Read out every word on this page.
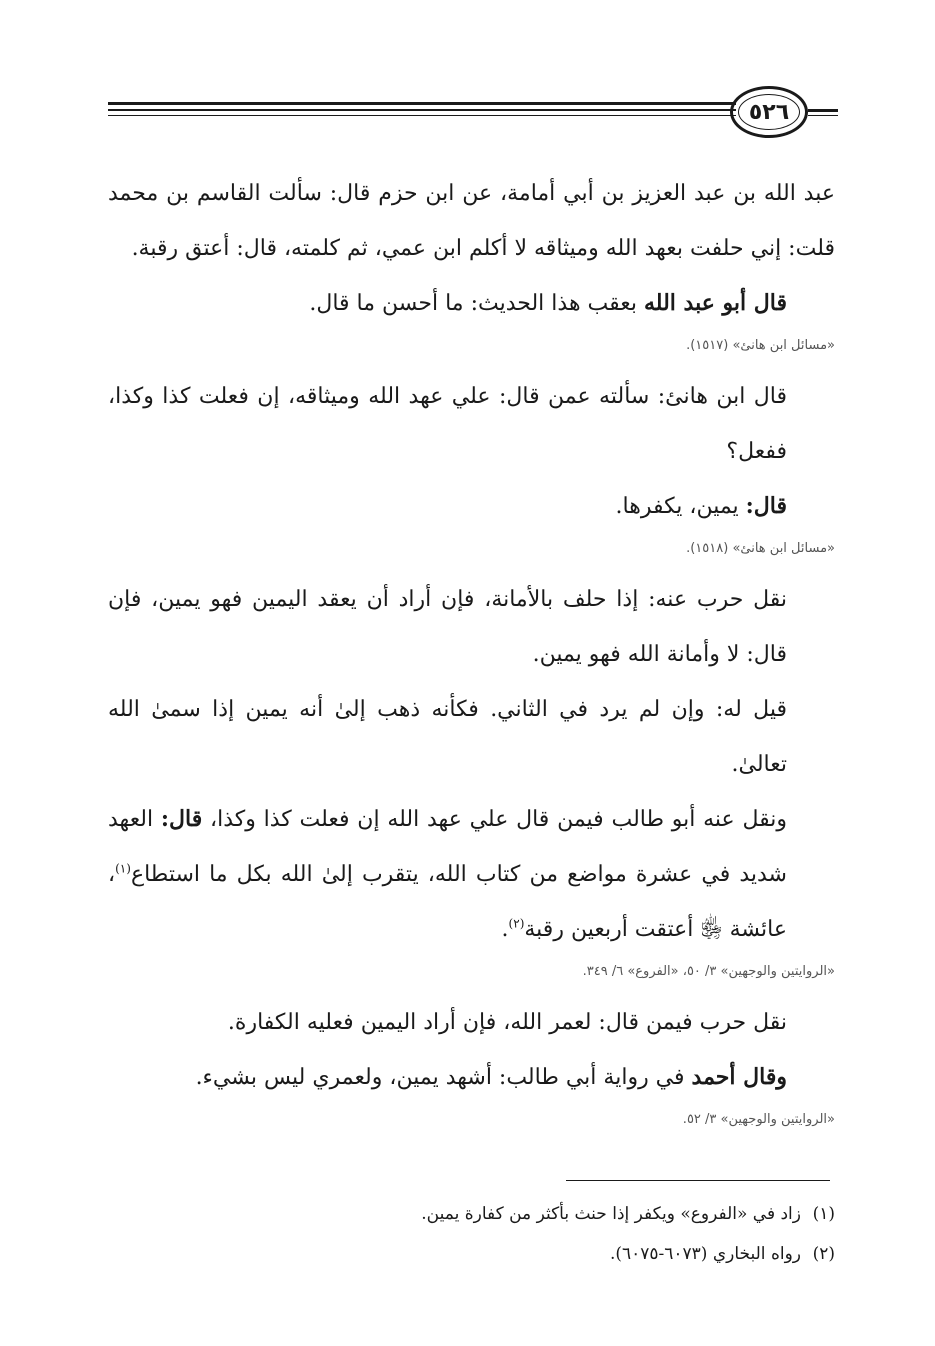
٥٢٦

عبد الله بن عبد العزيز بن أبي أمامة، عن ابن حزم قال: سألت القاسم بن محمد قلت: إني حلفت بعهد الله وميثاقه لا أكلم ابن عمي، ثم كلمته، قال: أعتق رقبة.

قال أبو عبد الله بعقب هذا الحديث: ما أحسن ما قال.

«مسائل ابن هانئ» (١٥١٧).

قال ابن هانئ: سألته عمن قال: علي عهد الله وميثاقه، إن فعلت كذا وكذا، ففعل؟

قال: يمين، يكفرها.

«مسائل ابن هانئ» (١٥١٨).

نقل حرب عنه: إذا حلف بالأمانة، فإن أراد أن يعقد اليمين فهو يمين، فإن قال: لا وأمانة الله فهو يمين.

قيل له: وإن لم يرد في الثاني. فكأنه ذهب إلىٰ أنه يمين إذا سمىٰ الله تعالىٰ.

ونقل عنه أبو طالب فيمن قال علي عهد الله إن فعلت كذا وكذا، قال: العهد شديد في عشرة مواضع من كتاب الله، يتقرب إلىٰ الله بكل ما استطاع$^{(١)}$، عائشة ﵂ أعتقت أربعين رقبة$^{(٢)}$.

«الروايتين والوجهين» ٣/ ٥٠، «الفروع» ٦/ ٣٤٩.

نقل حرب فيمن قال: لعمر الله، فإن أراد اليمين فعليه الكفارة.

وقال أحمد في رواية أبي طالب: أشهد يمين، ولعمري ليس بشيء.

«الروايتين والوجهين» ٣/ ٥٢.

(١)زاد في «الفروع» ويكفر إذا حنث بأكثر من كفارة يمين.

(٢)رواه البخاري (٦٠٧٣-٦٠٧٥).
